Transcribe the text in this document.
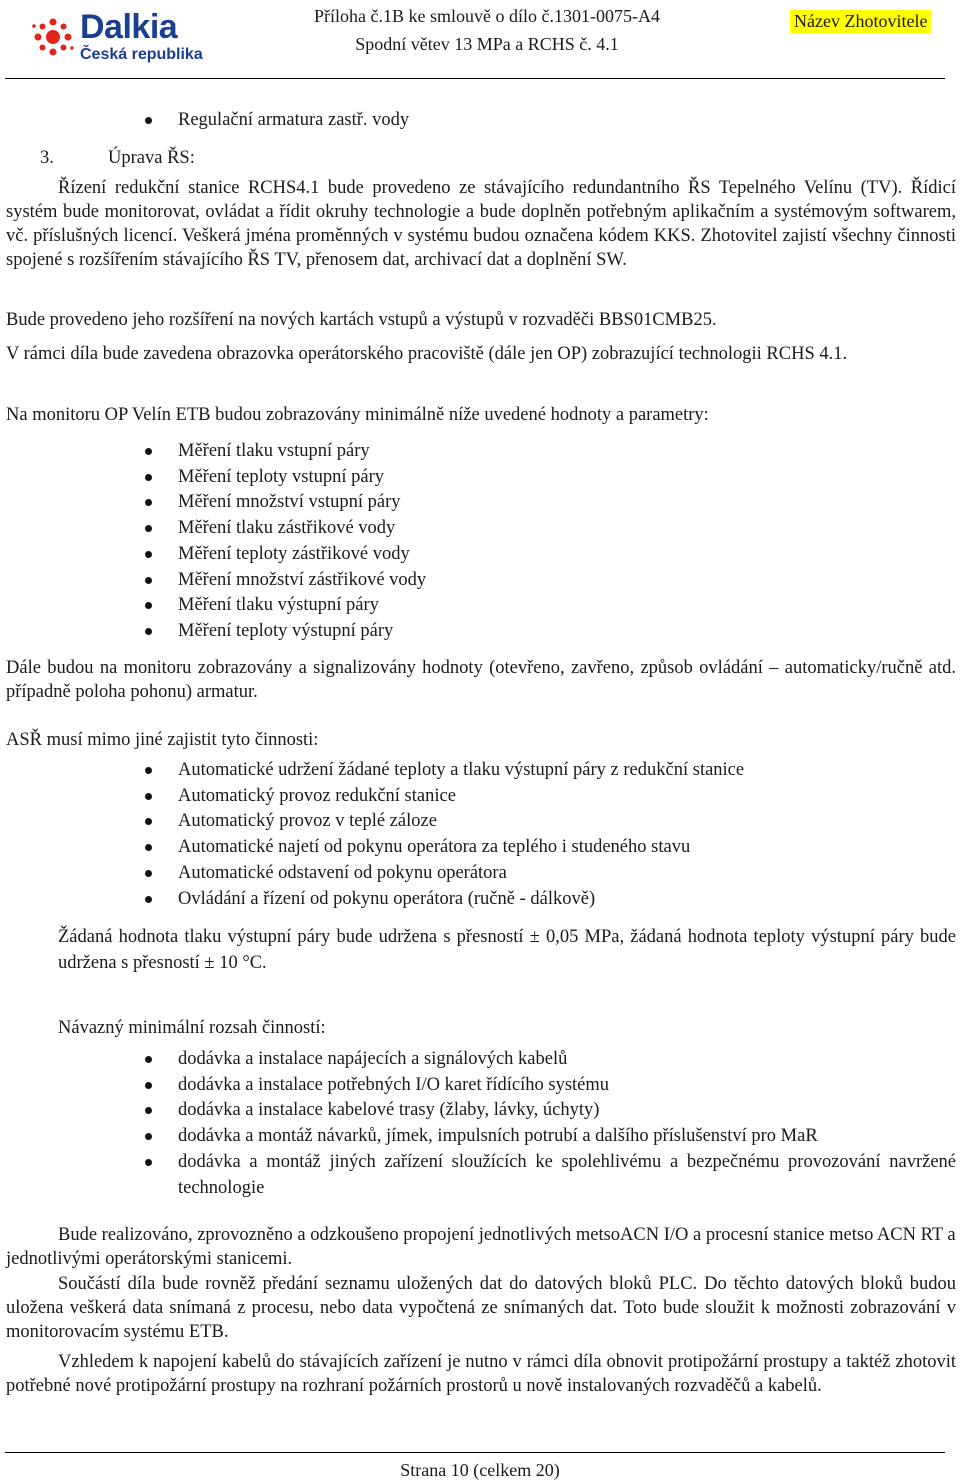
Dalkia
Česká republika
Příloha č.1B ke smlouvě o dílo č.1301-0075-A4
Spodní větev 13 MPa a RCHS č. 4.1
Název Zhotovitele
Regulační armatura zastř. vody
3.	Úprava ŘS:

Řízení redukční stanice RCHS4.1 bude provedeno ze stávajícího redundantního ŘS Tepelného Velínu (TV). Řídicí systém bude monitorovat, ovládat a řídit okruhy technologie a bude doplněn potřebným aplikačním a systémovým softwarem, vč. příslušných licencí. Veškerá jména proměnných v systému budou označena kódem KKS. Zhotovitel zajistí všechny činnosti spojené s rozšířením stávajícího ŘS TV, přenosem dat, archivací dat a doplnění SW.

Bude provedeno jeho rozšíření na nových kartách vstupů a výstupů v rozvaděči BBS01CMB25.

V rámci díla bude zavedena obrazovka operátorského pracoviště (dále jen OP) zobrazující technologii RCHS 4.1.

Na monitoru OP Velín ETB budou zobrazovány minimálně níže uvedené hodnoty a parametry:

Měření tlaku vstupní páry
Měření teploty vstupní páry
Měření množství vstupní páry
Měření tlaku zástřikové vody
Měření teploty zástřikové vody
Měření množství zástřikové vody
Měření tlaku výstupní páry
Měření teploty výstupní páry

Dále budou na monitoru zobrazovány a signalizovány hodnoty (otevřeno, zavřeno, způsob ovládání – automaticky/ručně atd. případně poloha pohonu) armatur.

ASŘ musí mimo jiné zajistit tyto činnosti:

Automatické udržení žádané teploty a tlaku výstupní páry z redukční stanice
Automatický provoz redukční stanice
Automatický provoz v teplé záloze
Automatické najetí od pokynu operátora za teplého i studeného stavu
Automatické odstavení od pokynu operátora
Ovládání a řízení od pokynu operátora (ručně - dálkově)

Žádaná hodnota tlaku výstupní páry bude udržena s přesností ± 0,05 MPa, žádaná hodnota teploty výstupní páry bude udržena s přesností ± 10 °C.

Návazný minimální rozsah činností:

dodávka a instalace napájecích a signálových kabelů
dodávka a instalace potřebných I/O karet řídícího systému
dodávka a instalace kabelové trasy (žlaby, lávky, úchyty)
dodávka a montáž návarků, jímek, impulsních potrubí a dalšího příslušenství pro MaR
dodávka a montáž jiných zařízení sloužících ke spolehlivému a bezpečnému provozování navržené technologie

Bude realizováno, zprovozněno a odzkoušeno propojení jednotlivých metsoACN I/O a procesní stanice metso ACN RT a jednotlivými operátorskými stanicemi.

Součástí díla bude rovněž předání seznamu uložených dat do datových bloků PLC. Do těchto datových bloků budou uložena veškerá data snímaná z procesu, nebo data vypočtená ze snímaných dat. Toto bude sloužit k možnosti zobrazování v monitorovacím systému ETB.

Vzhledem k napojení kabelů do stávajících zařízení je nutno v rámci díla obnovit protipožární prostupy a taktéž zhotovit potřebné nové protipožární prostupy na rozhraní požárních prostorů u nově instalovaných rozvaděčů a kabelů.

Strana 10 (celkem 20)
